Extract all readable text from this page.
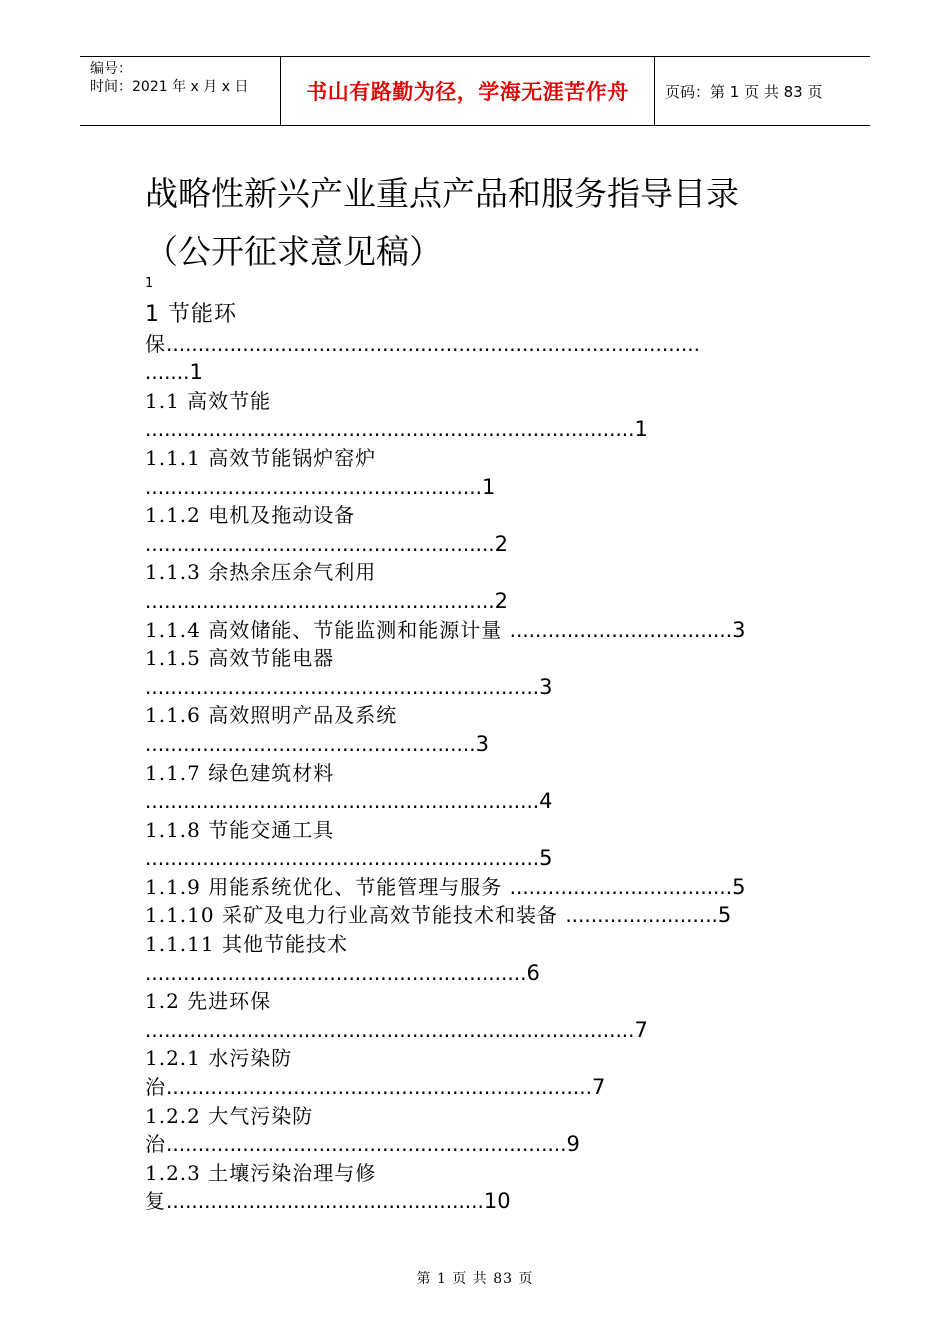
编号：
时间：2021 年 x 月 x 日	书山有路勤为径，学海无涯苦作舟	页码：第 1 页 共 83 页
战略性新兴产业重点产品和服务指导目录
（公开征求意见稿）
1
1 节能环
保....................................................................................
.......1
1.1 高效节能
.............................................................................1
1.1.1 高效节能锅炉窑炉
.....................................................1
1.1.2 电机及拖动设备
.......................................................2
1.1.3 余热余压余气利用
.......................................................2
1.1.4 高效储能、节能监测和能源计量 ...................................3
1.1.5 高效节能电器
..............................................................3
1.1.6 高效照明产品及系统
....................................................3
1.1.7 绿色建筑材料
..............................................................4
1.1.8 节能交通工具
..............................................................5
1.1.9 用能系统优化、节能管理与服务 ...................................5
1.1.10 采矿及电力行业高效节能技术和装备 ........................5
1.1.11 其他节能技术
............................................................6
1.2 先进环保
.............................................................................7
1.2.1 水污染防
治...................................................................7
1.2.2 大气污染防
治...............................................................9
1.2.3 土壤污染治理与修
复..................................................10
第 1 页 共 83 页
